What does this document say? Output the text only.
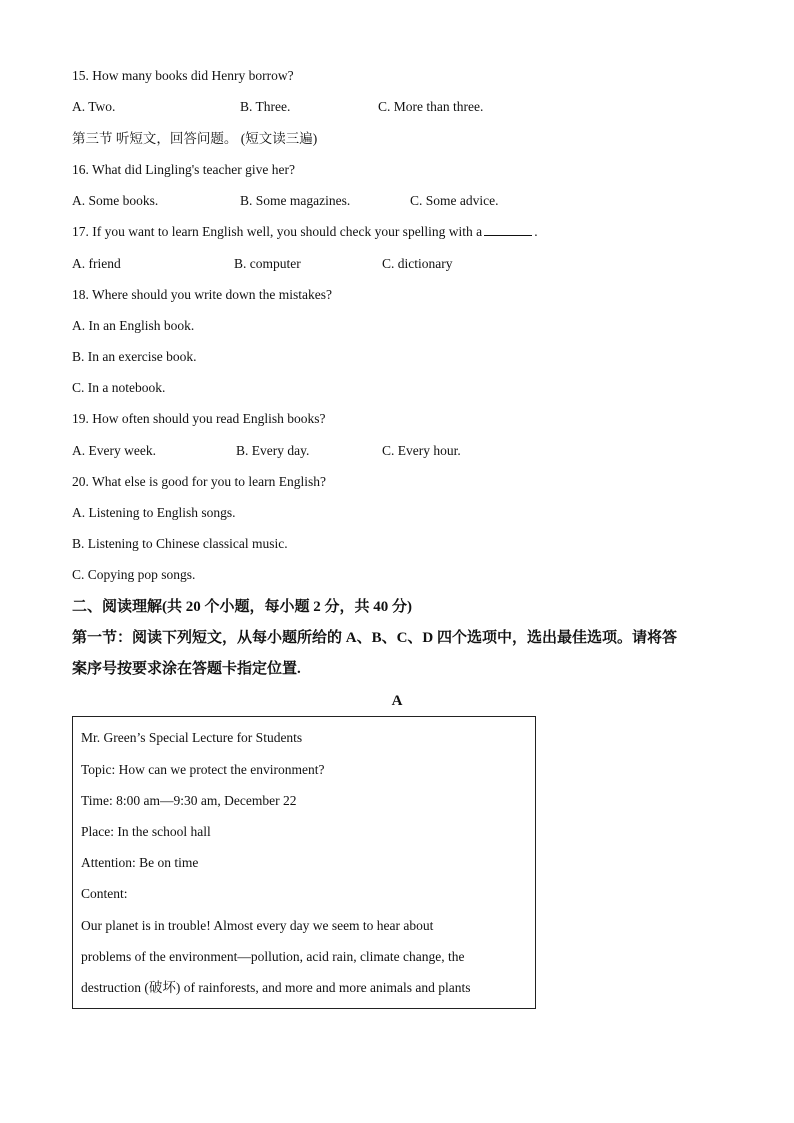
15. How many books did Henry borrow?
A. Two.	B. Three.	C. More than three.
第三节 听短文，回答问题。 (短文读三遍)
16. What did Lingling's teacher give her?
A. Some books.	B. Some magazines.	C. Some advice.
17. If you want to learn English well, you should check your spelling with a	.
A. friend	B. computer	C. dictionary
18. Where should you write down the mistakes?
A. In an English book.
B. In an exercise book.
C. In a notebook.
19. How often should you read English books?
A. Every week.	B. Every day.	C. Every hour.
20. What else is good for you to learn English?
A. Listening to English songs.
B. Listening to Chinese classical music.
C. Copying pop songs.
二、阅读理解(共 20 个小题，每小题 2 分，共 40 分)
第一节：阅读下列短文，从每小题所给的 A、B、C、D 四个选项中，选出最佳选项。请将答
案序号按要求涂在答题卡指定位置.
A
Mr. Green’s Special Lecture for Students
Topic: How can we protect the environment?
Time: 8:00 am—9:30 am, December 22
Place: In the school hall
Attention: Be on time
Content:
Our planet is in trouble! Almost every day we seem to hear about
problems of the environment—pollution, acid rain, climate change, the
destruction (破坏) of rainforests, and more and more animals and plants
